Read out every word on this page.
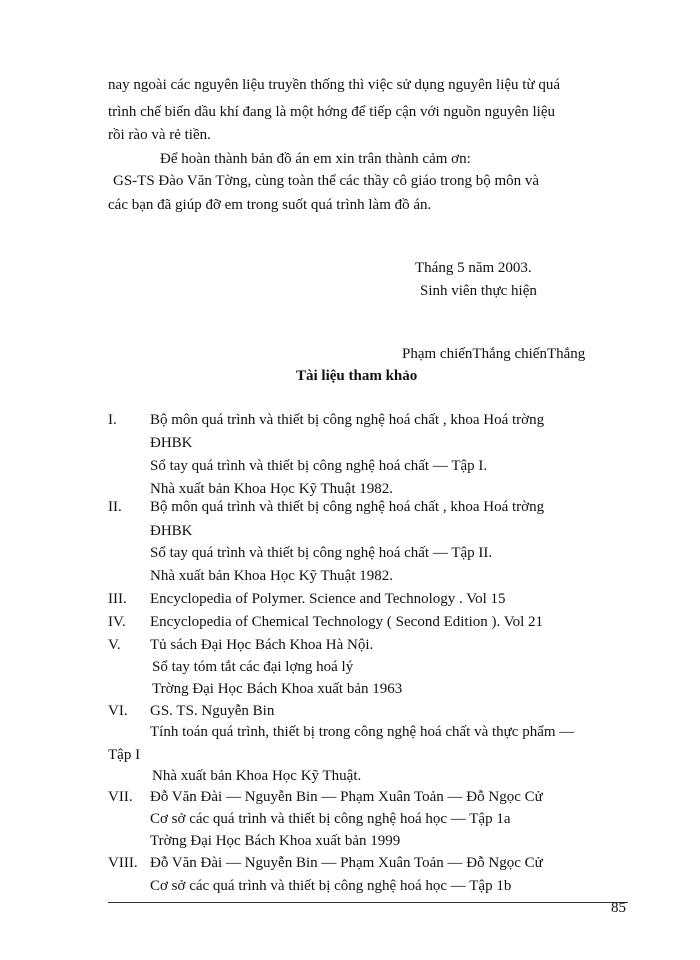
nay ngoài các nguyên liệu truyền thống thì việc sử dụng nguyên liệu từ quá
trình chế biến dầu khí đang là một hớng để tiếp cận với nguồn nguyên liệu
rồi rào và rẻ tiền.
Để hoàn thành bản đồ án em xin trân thành cảm ơn:
GS-TS Đào Văn Tờng, cùng toàn thể các thầy cô giáo trong bộ môn và
các bạn đã giúp đỡ em trong suốt quá trình làm đồ án.
Tháng 5 năm 2003.
Sinh viên thực hiện
Phạm chiếnThắng chiếnThắng
Tài liệu tham khảo
I. Bộ môn quá trình và thiết bị công nghệ hoá chất , khoa Hoá trờng
ĐHBK
Sổ tay quá trình và thiết bị công nghệ hoá chất — Tập I.
Nhà xuất bản Khoa Học Kỹ Thuật 1982.
II. Bộ môn quá trình và thiết bị công nghệ hoá chất , khoa Hoá trờng
ĐHBK
Sổ tay quá trình và thiết bị công nghệ hoá chất — Tập II.
Nhà xuất bản Khoa Học Kỹ Thuật 1982.
III. Encyclopedia of Polymer. Science and Technology . Vol 15
IV. Encyclopedia of Chemical Technology ( Second Edition ). Vol 21
V. Tủ sách Đại Học Bách Khoa Hà Nội.
Sổ tay tóm tắt các đại lợng hoá lý
Trờng Đại Học Bách Khoa xuất bản 1963
VI. GS. TS. Nguyễn Bin
Tính toán quá trình, thiết bị trong công nghệ hoá chất và thực phẩm —
Tập I
Nhà xuất bản Khoa Học Kỹ Thuật.
VII. Đỗ Văn Đài — Nguyễn Bin — Phạm Xuân Toản — Đỗ Ngọc Cử
Cơ sở các quá trình và thiết bị công nghệ hoá học — Tập 1a
Trờng Đại Học Bách Khoa xuất bản 1999
VIII. Đỗ Văn Đài — Nguyễn Bin — Phạm Xuân Toản — Đỗ Ngọc Cử
Cơ sở các quá trình và thiết bị công nghệ hoá học — Tập 1b
85
